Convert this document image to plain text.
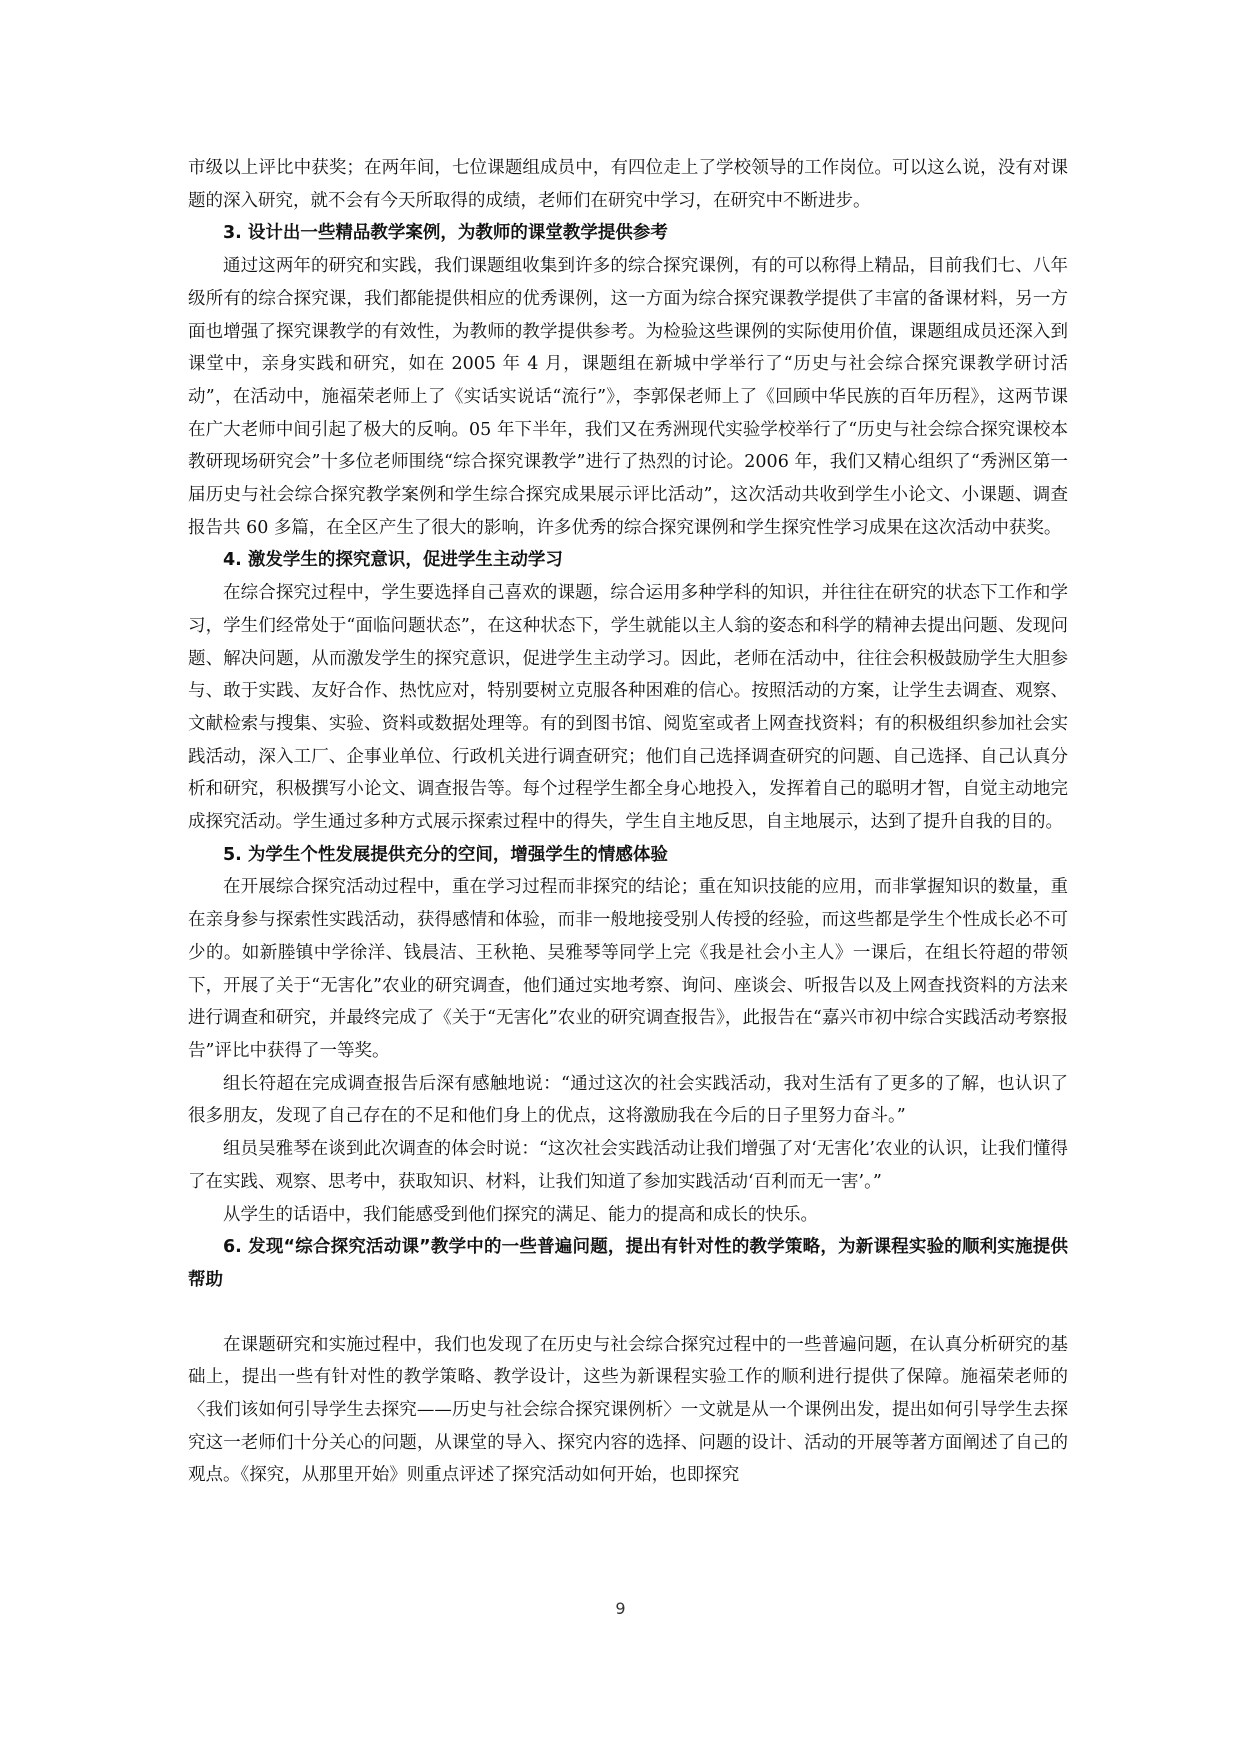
市级以上评比中获奖；在两年间，七位课题组成员中，有四位走上了学校领导的工作岗位。可以这么说，没有对课题的深入研究，就不会有今天所取得的成绩，老师们在研究中学习，在研究中不断进步。

3. 设计出一些精品教学案例，为教师的课堂教学提供参考

通过这两年的研究和实践，我们课题组收集到许多的综合探究课例，有的可以称得上精品，目前我们七、八年级所有的综合探究课，我们都能提供相应的优秀课例，这一方面为综合探究课教学提供了丰富的备课材料，另一方面也增强了探究课教学的有效性，为教师的教学提供参考。为检验这些课例的实际使用价值，课题组成员还深入到课堂中，亲身实践和研究，如在 2005 年 4 月，课题组在新城中学举行了“历史与社会综合探究课教学研讨活动”，在活动中，施福荣老师上了《实话实说话“流行”》，李郭保老师上了《回顾中华民族的百年历程》，这两节课在广大老师中间引起了极大的反响。05 年下半年，我们又在秀洲现代实验学校举行了“历史与社会综合探究课校本教研现场研究会”十多位老师围绕“综合探究课教学”进行了热烈的讨论。2006 年，我们又精心组织了“秀洲区第一届历史与社会综合探究教学案例和学生综合探究成果展示评比活动”，这次活动共收到学生小论文、小课题、调查报告共 60 多篇，在全区产生了很大的影响，许多优秀的综合探究课例和学生探究性学习成果在这次活动中获奖。

4. 激发学生的探究意识，促进学生主动学习

在综合探究过程中，学生要选择自己喜欢的课题，综合运用多种学科的知识，并往往在研究的状态下工作和学习，学生们经常处于“面临问题状态”，在这种状态下，学生就能以主人翁的姿态和科学的精神去提出问题、发现问题、解决问题，从而激发学生的探究意识，促进学生主动学习。因此，老师在活动中，往往会积极鼓励学生大胆参与、敢于实践、友好合作、热忱应对，特别要树立克服各种困难的信心。按照活动的方案，让学生去调查、观察、文献检索与搜集、实验、资料或数据处理等。有的到图书馆、阅览室或者上网查找资料；有的积极组织参加社会实践活动，深入工厂、企事业单位、行政机关进行调查研究；他们自己选择调查研究的问题、自己选择、自己认真分析和研究，积极撰写小论文、调查报告等。每个过程学生都全身心地投入，发挥着自己的聪明才智，自觉主动地完成探究活动。学生通过多种方式展示探索过程中的得失，学生自主地反思，自主地展示，达到了提升自我的目的。

5. 为学生个性发展提供充分的空间，增强学生的情感体验

在开展综合探究活动过程中，重在学习过程而非探究的结论；重在知识技能的应用，而非掌握知识的数量，重在亲身参与探索性实践活动，获得感情和体验，而非一般地接受别人传授的经验，而这些都是学生个性成长必不可少的。如新塍镇中学徐洋、钱晨洁、王秋艳、吴雅琴等同学上完《我是社会小主人》一课后，在组长符超的带领下，开展了关于“无害化”农业的研究调查，他们通过实地考察、询问、座谈会、听报告以及上网查找资料的方法来进行调查和研究，并最终完成了《关于“无害化”农业的研究调查报告》，此报告在“嘉兴市初中综合实践活动考察报告”评比中获得了一等奖。

组长符超在完成调查报告后深有感触地说：“通过这次的社会实践活动，我对生活有了更多的了解，也认识了很多朋友，发现了自己存在的不足和他们身上的优点，这将激励我在今后的日子里努力奋斗。”

组员吴雅琴在谈到此次调查的体会时说：“这次社会实践活动让我们增强了对‘无害化’农业的认识，让我们懂得了在实践、观察、思考中，获取知识、材料，让我们知道了参加实践活动‘百利而无一害’。”

从学生的话语中，我们能感受到他们探究的满足、能力的提高和成长的快乐。

6. 发现“综合探究活动课”教学中的一些普遍问题，提出有针对性的教学策略，为新课程实验的顺利实施提供帮助

在课题研究和实施过程中，我们也发现了在历史与社会综合探究过程中的一些普遍问题，在认真分析研究的基础上，提出一些有针对性的教学策略、教学设计，这些为新课程实验工作的顺利进行提供了保障。施福荣老师的〈我们该如何引导学生去探究——历史与社会综合探究课例析〉一文就是从一个课例出发，提出如何引导学生去探究这一老师们十分关心的问题，从课堂的导入、探究内容的选择、问题的设计、活动的开展等著方面阐述了自己的观点。《探究，从那里开始》则重点评述了探究活动如何开始，也即探究

9
